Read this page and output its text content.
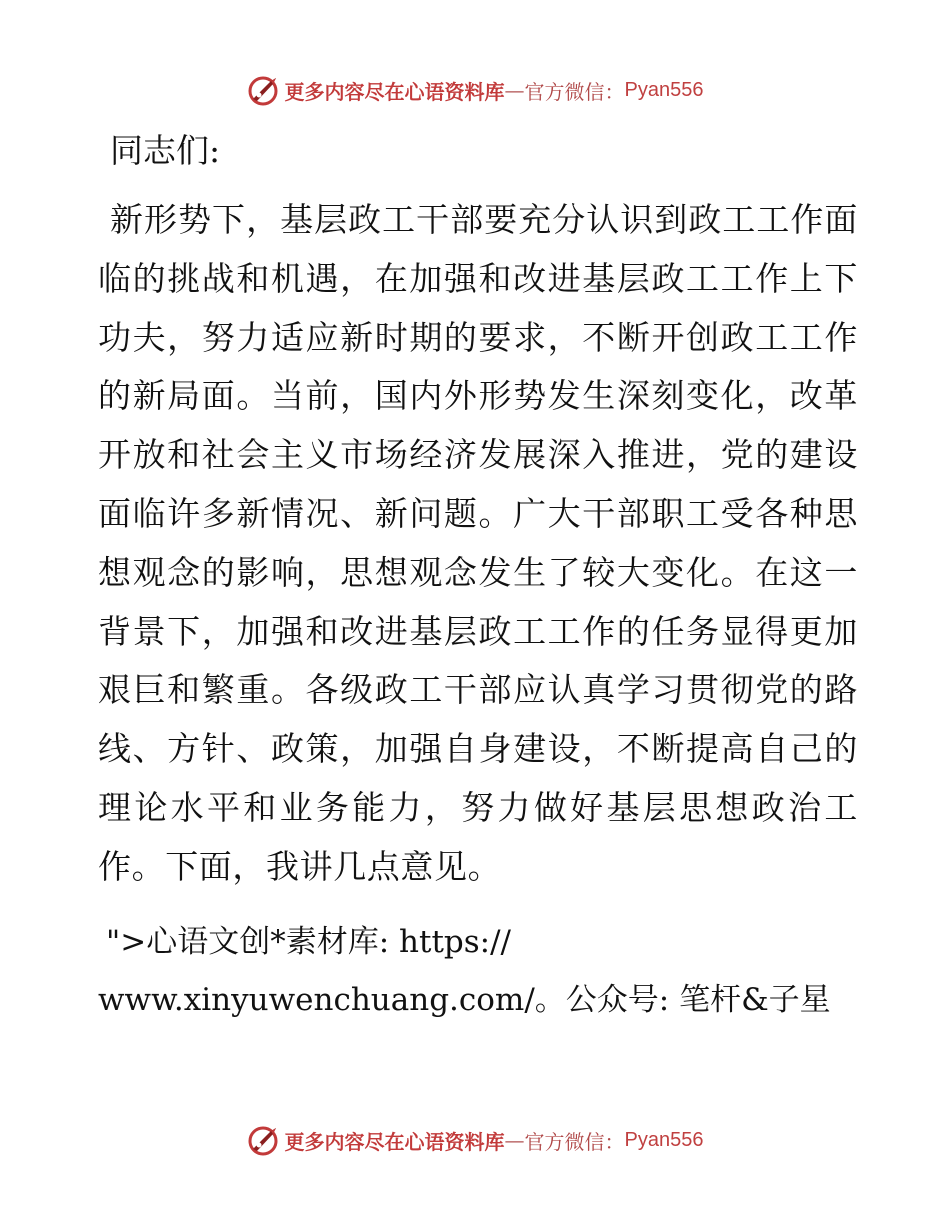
更多内容尽在心语资料库 — 官方微信： Pyan556

同志们:

新形势下，基层政工干部要充分认识到政工工作面临的挑战和机遇，在加强和改进基层政工工作上下功夫，努力适应新时期的要求，不断开创政工工作的新局面。当前，国内外形势发生深刻变化，改革开放和社会主义市场经济发展深入推进，党的建设面临许多新情况、新问题。广大干部职工受各种思想观念的影响，思想观念发生了较大变化。在这一背景下，加强和改进基层政工工作的任务显得更加艰巨和繁重。各级政工干部应认真学习贯彻党的路线、方针、政策，加强自身建设，不断提高自己的理论水平和业务能力，努力做好基层思想政治工作。下面，我讲几点意见。

">心语文创*素材库: https://
www.xinyuwenchuang.com/。公众号: 笔杆&子星
更多内容尽在心语资料库 — 官方微信： Pyan556
